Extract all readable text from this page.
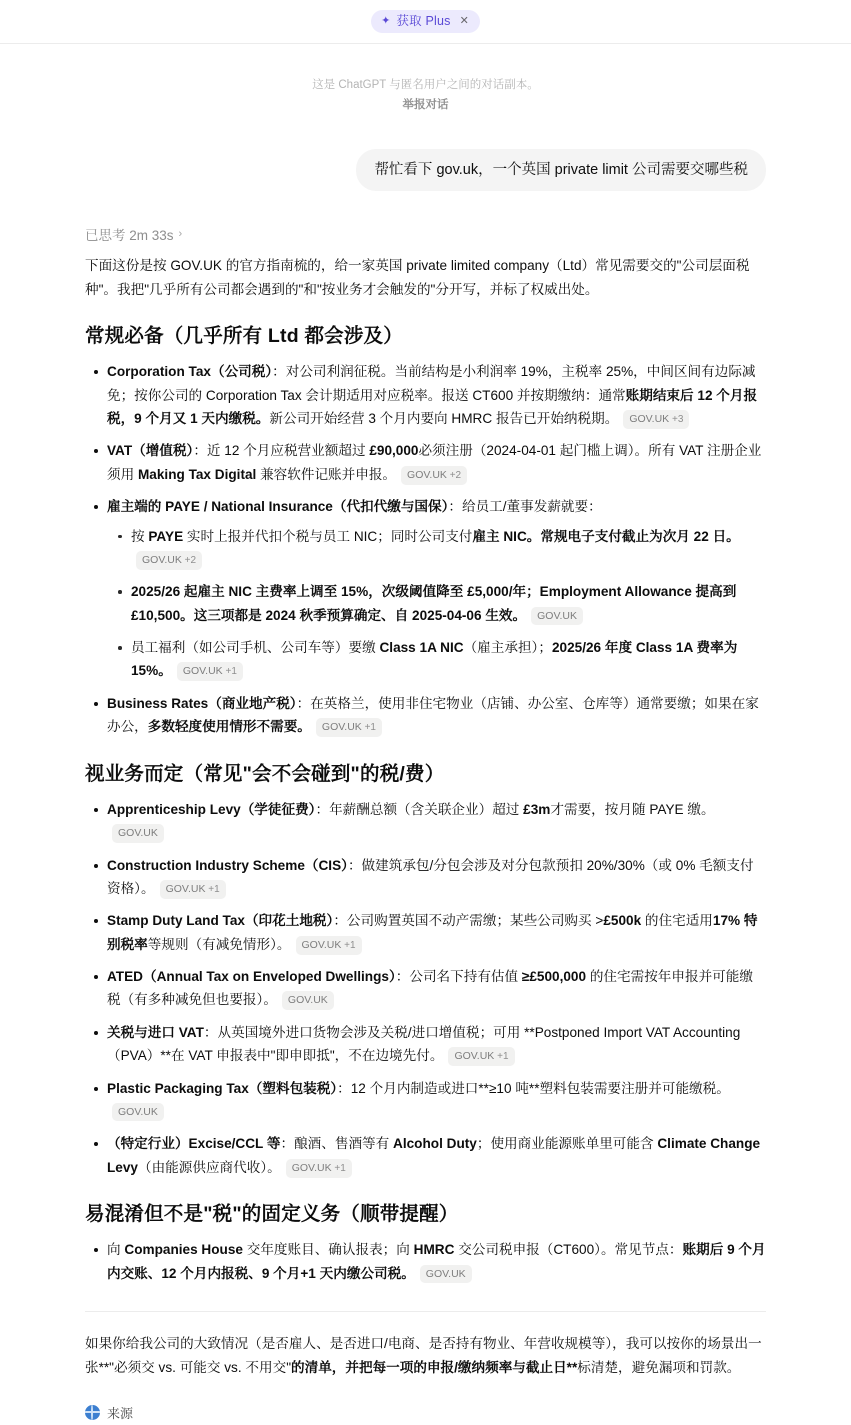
✦ 获取 Plus ✕
这是 ChatGPT 与匿名用户之间的对话副本。
举报对话
帮忙看下 gov.uk，一个英国 private limit 公司需要交哪些税
已思考 2m 33s ›

下面这份是按 GOV.UK 的官方指南梳的，给一家英国 private limited company（Ltd）常见需要交的"公司层面税种"。我把"几乎所有公司都会遇到的"和"按业务才会触发的"分开写，并标了权威出处。

常规必备（几乎所有 Ltd 都会涉及）
Corporation Tax（公司税）：对公司利润征税。当前结构是小利润率 19%，主税率 25%，中间区间有边际减免；按你公司的 Corporation Tax 会计期适用对应税率。报送 CT600 并按期缴纳：通常账期结束后 12 个月报税，9 个月又 1 天内缴税。新公司开始经营 3 个月内要向 HMRC 报告已开始纳税期。 GOV.UK +3
VAT（增值税）：近 12 个月应税营业额超过 £90,000必须注册（2024-04-01 起门槛上调）。所有 VAT 注册企业须用 Making Tax Digital 兼容软件记账并申报。 GOV.UK +2
雇主端的 PAYE / National Insurance（代扣代缴与国保）：给员工/董事发薪就要：
按 PAYE 实时上报并代扣个税与员工 NIC；同时公司支付雇主 NIC。常规电子支付截止为次月 22 日。GOV.UK +2
2025/26 起雇主 NIC 主费率上调至 15%，次级阈值降至 £5,000/年；Employment Allowance 提高到 £10,500。这三项都是 2024 秋季预算确定、自 2025-04-06 生效。 GOV.UK
员工福利（如公司手机、公司车等）要缴 Class 1A NIC（雇主承担）；2025/26 年度 Class 1A 费率为 15%。 GOV.UK +1
Business Rates（商业地产税）：在英格兰，使用非住宅物业（店铺、办公室、仓库等）通常要缴；如果在家办公，多数轻度使用情形不需要。 GOV.UK +1
视业务而定（常见"会不会碰到"的税/费）
Apprenticeship Levy（学徒征费）：年薪酬总额（含关联企业）超过 £3m才需要，按月随 PAYE 缴。GOV.UK
Construction Industry Scheme（CIS）：做建筑承包/分包会涉及对分包款预扣 20%/30%（或 0% 毛额支付资格）。 GOV.UK +1
Stamp Duty Land Tax（印花土地税）：公司购置英国不动产需缴；某些公司购买 >£500k 的住宅适用17% 特别税率等规则（有减免情形）。 GOV.UK +1
ATED（Annual Tax on Enveloped Dwellings）：公司名下持有估值 ≥£500,000 的住宅需按年申报并可能缴税（有多种减免但也要报）。 GOV.UK
关税与进口 VAT：从英国境外进口货物会涉及关税/进口增值税；可用 **Postponed Import VAT Accounting（PVA）**在 VAT 申报表中"即申即抵"，不在边境先付。 GOV.UK +1
Plastic Packaging Tax（塑料包装税）：12 个月内制造或进口**≥10 吨**塑料包装需要注册并可能缴税。GOV.UK
（特定行业）Excise/CCL 等：酿酒、售酒等有 Alcohol Duty；使用商业能源账单里可能含 Climate Change Levy（由能源供应商代收）。 GOV.UK +1
易混淆但不是"税"的固定义务（顺带提醒）
向 Companies House 交年度账目、确认报表；向 HMRC 交公司税申报（CT600）。常见节点：账期后 9 个月内交账、12 个月内报税、9 个月+1 天内缴公司税。 GOV.UK

如果你给我公司的大致情况（是否雇人、是否进口/电商、是否持有物业、年营收规模等），我可以按你的场景出一张**"必须交 vs. 可能交 vs. 不用交"的清单，并把每一项的申报/缴纳频率与截止日**标清楚，避免漏项和罚款。

来源
